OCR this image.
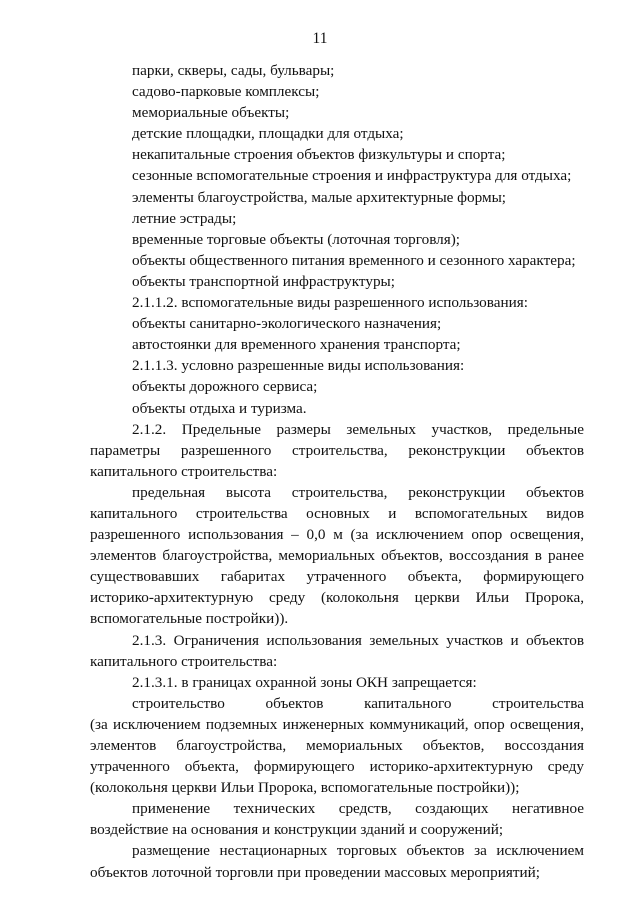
11
парки, скверы, сады, бульвары;
садово-парковые комплексы;
мемориальные объекты;
детские площадки, площадки для отдыха;
некапитальные строения объектов физкультуры и спорта;
сезонные вспомогательные строения и инфраструктура для отдыха;
элементы благоустройства, малые архитектурные формы;
летние эстрады;
временные торговые объекты (лоточная торговля);
объекты общественного питания временного и сезонного характера;
объекты транспортной инфраструктуры;
2.1.1.2. вспомогательные виды разрешенного использования:
объекты санитарно-экологического назначения;
автостоянки для временного хранения транспорта;
2.1.1.3. условно разрешенные виды использования:
объекты дорожного сервиса;
объекты отдыха и туризма.
2.1.2. Предельные размеры земельных участков, предельные
параметры разрешенного строительства, реконструкции объектов
капитального строительства:
предельная высота строительства, реконструкции объектов
капитального строительства основных и вспомогательных видов
разрешенного использования – 0,0 м (за исключением опор освещения,
элементов благоустройства, мемориальных объектов, воссоздания в ранее
существовавших габаритах утраченного объекта, формирующего
историко-архитектурную среду (колокольня церкви Ильи Пророка,
вспомогательные постройки)).
2.1.3. Ограничения использования земельных участков и объектов
капитального строительства:
2.1.3.1. в границах охранной зоны ОКН запрещается:
строительство объектов капитального строительства
(за исключением подземных инженерных коммуникаций, опор освещения,
элементов благоустройства, мемориальных объектов, воссоздания
утраченного объекта, формирующего историко-архитектурную среду
(колокольня церкви Ильи Пророка, вспомогательные постройки));
применение технических средств, создающих негативное
воздействие на основания и конструкции зданий и сооружений;
размещение нестационарных торговых объектов за исключением
объектов лоточной торговли при проведении массовых мероприятий;
